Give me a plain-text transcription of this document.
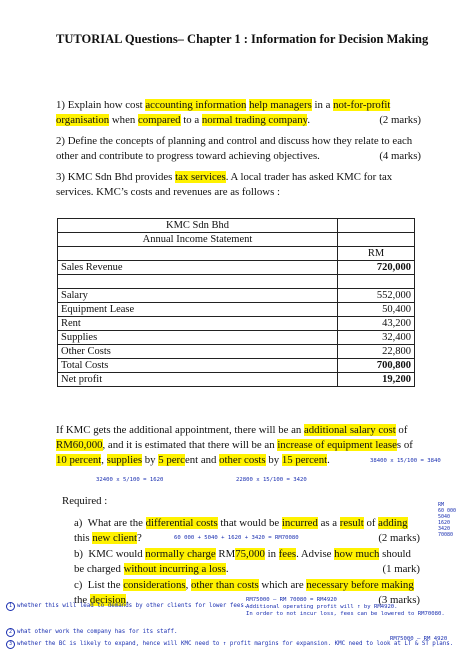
TUTORIAL Questions– Chapter 1 : Information for Decision Making
1) Explain how cost accounting information help managers in a not-for-profit organisation when compared to a normal trading company.	(2 marks)
2) Define the concepts of planning and control and discuss how they relate to each other and contribute to progress toward achieving objectives.	(4 marks)
3) KMC Sdn Bhd provides tax services. A local trader has asked KMC for tax services. KMC’s costs and revenues are as follows :
KMC Sdn Bhd	
Annual Income Statement	
	RM
Sales Revenue	720,000

Salary	552,000
Equipment Lease	50,400
Rent	43,200
Supplies	32,400
Other Costs	22,800
Total Costs	700,800
Net profit	19,200
If KMC gets the additional appointment, there will be an additional salary cost of RM60,000, and it is estimated that there will be an increase of equipment leases of 10 percent, supplies by 5 percent and other costs by 15 percent.	38400 x 15/100 = 3840
32400 x 5/100 = 1620	22800 x 15/100 = 3420
Required :
a) What are the differential costs that would be incurred as a result of adding this new client?	(2 marks)
60 000 + 5040 + 1620 + 3420 = RM70080
b) KMC would normally charge RM75,000 in fees. Advise how much should be charged without incurring a loss.	(1 mark)
c) List the considerations, other than costs which are necessary before making the decision.	(3 marks)
RM75000 – RM 70080 = RM4920
Additional operating profit will ↑ by RM4920.
In order to not incur loss, fees can be lowered to RM70080.
RM75000 – RM 4920
RM
60 000
5040
1620
3420
70080
1 whether this will lead to demands by other clients for lower fees.
2 what other work the company has for its staff.
3 whether the BC is likely to expand, hence will KMC need to ↑ profit margins for expansion. KMC need to look at LT & ST plans.
